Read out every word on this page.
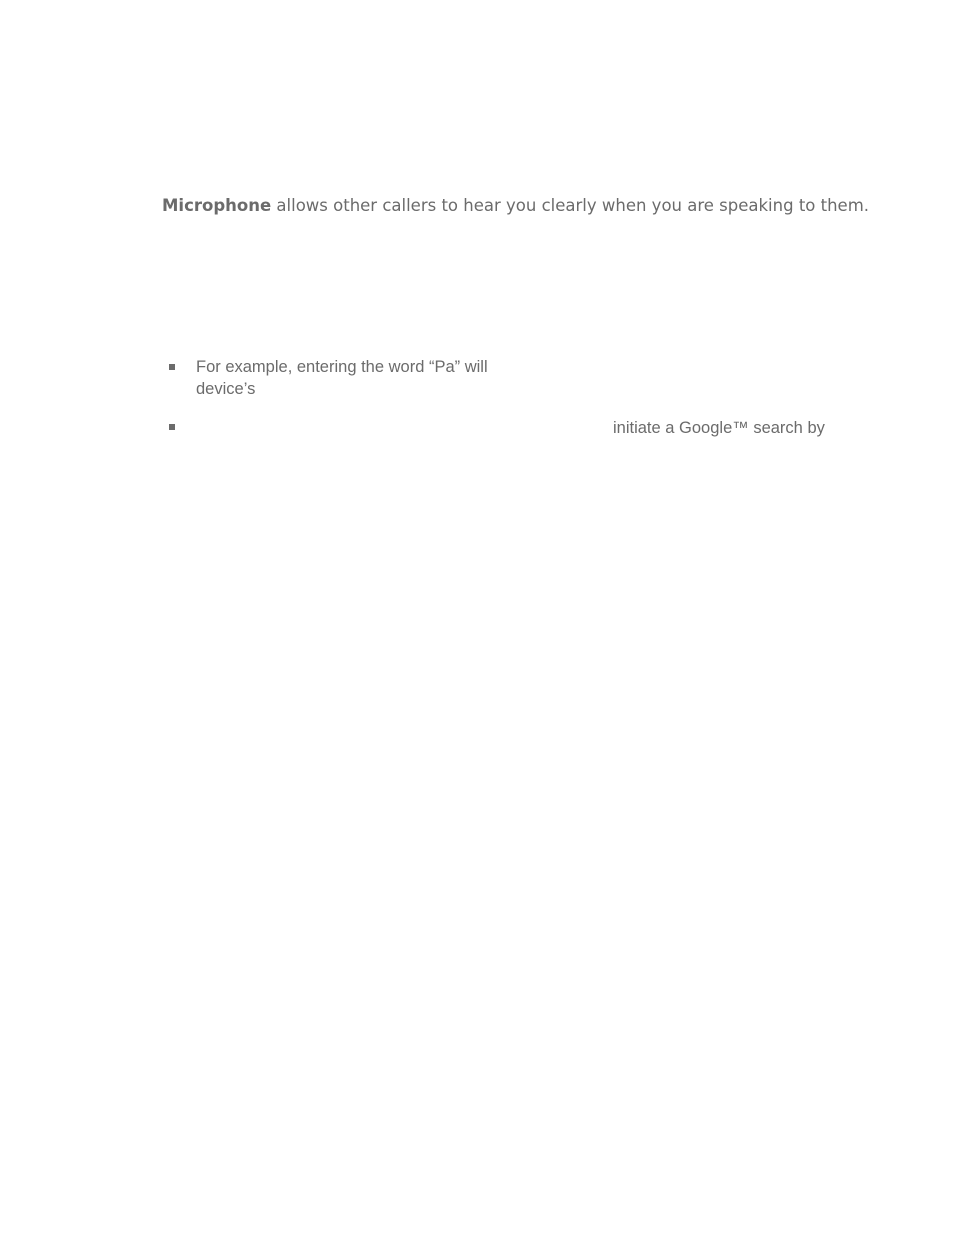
Microphone allows other callers to hear you clearly when you are speaking to them.

For example, entering the word “Pa” will
device’s
initiate a Google™ search by
